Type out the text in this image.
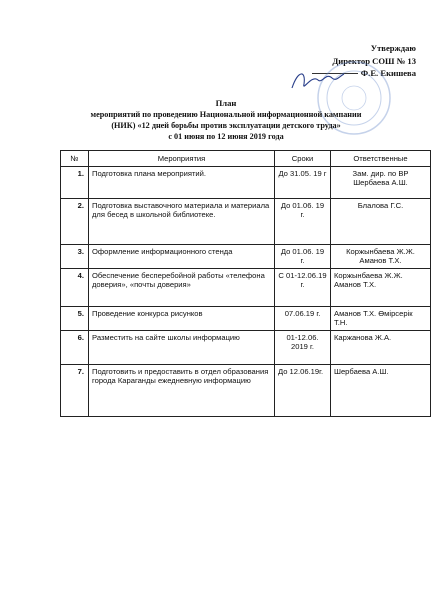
Утверждаю
Директор СОШ № 13
Ф.Е. Екишева
План
мероприятий по проведению Национальной информационной кампании
(НИК) «12 дней борьбы против эксплуатации детского труда»
с 01 июня по 12 июня 2019 года
№	Мероприятия	Сроки	Ответственные
1.	Подготовка плана мероприятий.	До 31.05. 19 г	Зам. дир. по ВР Шербаева А.Ш.
2.	Подготовка выставочного материала и материала для бесед в школьной библиотеке.	До 01.06. 19 г.	Блалова Г.С.
3.	Оформление информационного стенда	До 01.06. 19 г.	Коржынбаева Ж.Ж. Аманов Т.Х.
4.	Обеспечение бесперебойной работы «телефона доверия», «почты доверия»	С 01-12.06.19 г.	Коржынбаева Ж.Ж. Аманов Т.Х.
5.	Проведение конкурса рисунков	07.06.19 г.	Аманов Т.Х. Өмірсерік Т.Н.
6.	Разместить на сайте школы информацию	01-12.06. 2019 г.	Каржанова Ж.А.
7.	Подготовить и предоставить в отдел образования города Караганды ежедневную информацию	До 12.06.19г.	Шербаева А.Ш.
